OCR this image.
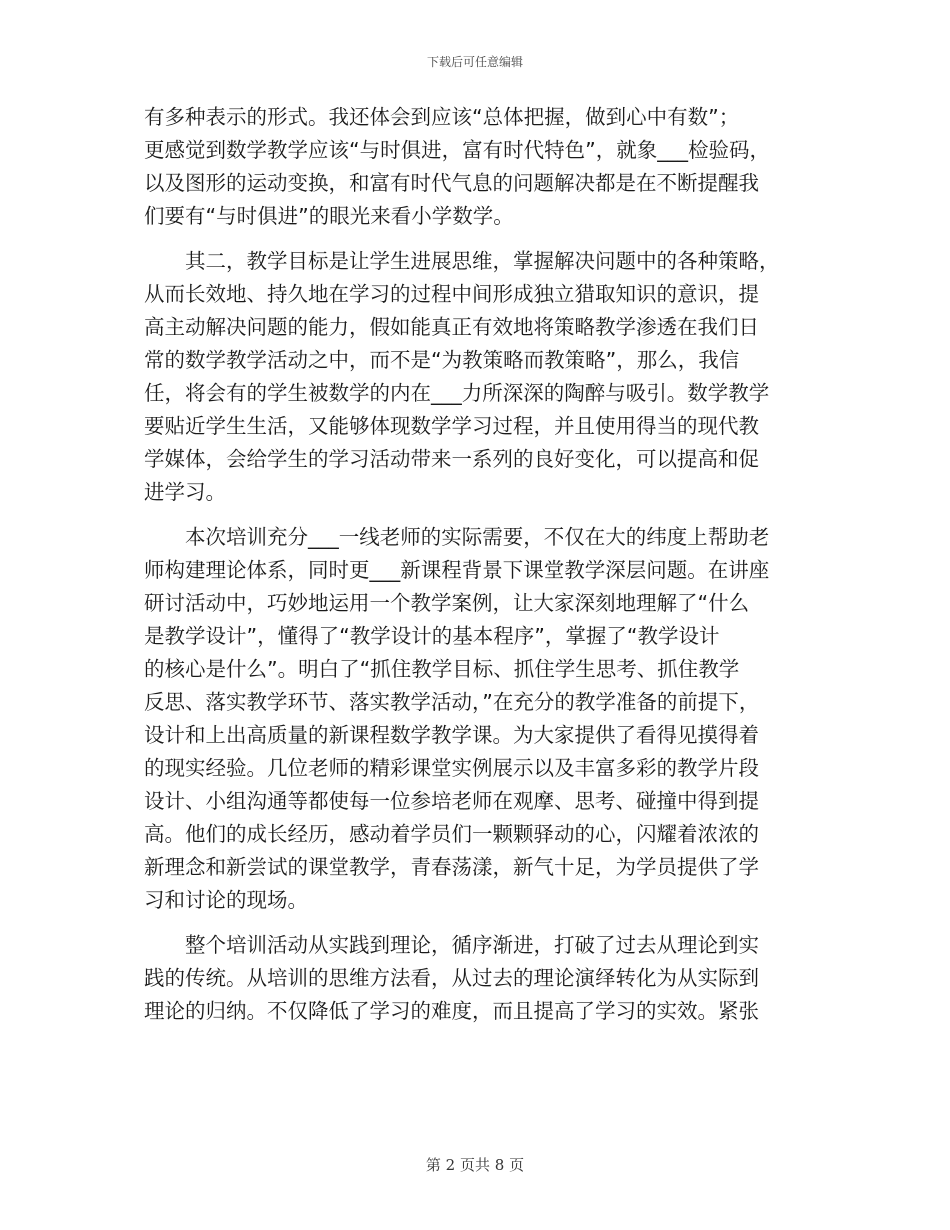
下载后可任意编辑
有多种表示的形式。我还体会到应该“总体把握，做到心中有数”；
更感觉到数学教学应该“与时俱进，富有时代特色”，就象___检验码，
以及图形的运动变换，和富有时代气息的问题解决都是在不断提醒我
们要有“与时俱进”的眼光来看小学数学。
　　其二，教学目标是让学生进展思维，掌握解决问题中的各种策略，
从而长效地、持久地在学习的过程中间形成独立猎取知识的意识，提
高主动解决问题的能力，假如能真正有效地将策略教学渗透在我们日
常的数学教学活动之中，而不是“为教策略而教策略”，那么，我信
任，将会有的学生被数学的内在___力所深深的陶醉与吸引。数学教学
要贴近学生生活，又能够体现数学学习过程，并且使用得当的现代教
学媒体，会给学生的学习活动带来一系列的良好变化，可以提高和促
进学习。
　　本次培训充分___一线老师的实际需要，不仅在大的纬度上帮助老
师构建理论体系，同时更___新课程背景下课堂教学深层问题。在讲座
研讨活动中，巧妙地运用一个教学案例，让大家深刻地理解了“什么
是教学设计”，懂得了“教学设计的基本程序”，掌握了“教学设计
的核心是什么”。明白了“抓住教学目标、抓住学生思考、抓住教学
反思、落实教学环节、落实教学活动，”在充分的教学准备的前提下，
设计和上出高质量的新课程数学教学课。为大家提供了看得见摸得着
的现实经验。几位老师的精彩课堂实例展示以及丰富多彩的教学片段
设计、小组沟通等都使每一位参培老师在观摩、思考、碰撞中得到提
高。他们的成长经历，感动着学员们一颗颗驿动的心，闪耀着浓浓的
新理念和新尝试的课堂教学，青春荡漾，新气十足，为学员提供了学
习和讨论的现场。
　　整个培训活动从实践到理论，循序渐进，打破了过去从理论到实
践的传统。从培训的思维方法看，从过去的理论演绎转化为从实际到
理论的归纳。不仅降低了学习的难度，而且提高了学习的实效。紧张
第 2 页共 8 页
